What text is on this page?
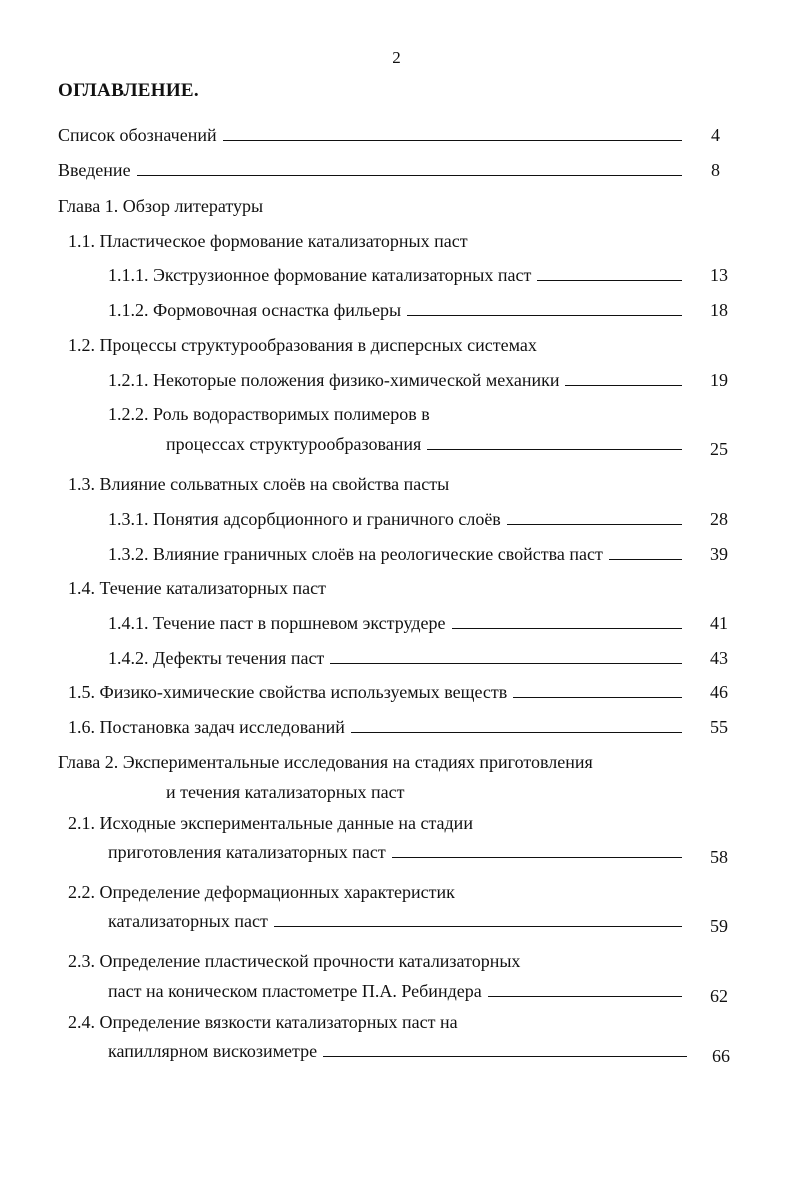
2
ОГЛАВЛЕНИЕ.
Список обозначений	4
Введение	8
Глава 1. Обзор литературы
1.1. Пластическое формование катализаторных паст
1.1.1. Экструзионное формование катализаторных паст	13
1.1.2. Формовочная оснастка фильеры	18
1.2. Процессы структурообразования в дисперсных системах
1.2.1. Некоторые положения физико-химической механики	19
1.2.2. Роль водорастворимых полимеров в
процессах структурообразования	25
1.3. Влияние сольватных слоёв на свойства пасты
1.3.1. Понятия адсорбционного и граничного слоёв	28
1.3.2. Влияние граничных слоёв на реологические свойства паст	39
1.4. Течение катализаторных паст
1.4.1. Течение паст в поршневом экструдере	41
1.4.2. Дефекты течения паст	43
1.5. Физико-химические свойства используемых веществ	46
1.6. Постановка задач исследований	55
Глава 2. Экспериментальные исследования на стадиях приготовления
и течения катализаторных паст
2.1. Исходные экспериментальные данные на стадии
приготовления катализаторных паст	58
2.2. Определение деформационных характеристик
катализаторных паст	59
2.3. Определение пластической прочности катализаторных
паст на коническом пластометре П.А. Ребиндера	62
2.4. Определение вязкости катализаторных паст на
капиллярном вискозиметре	66
